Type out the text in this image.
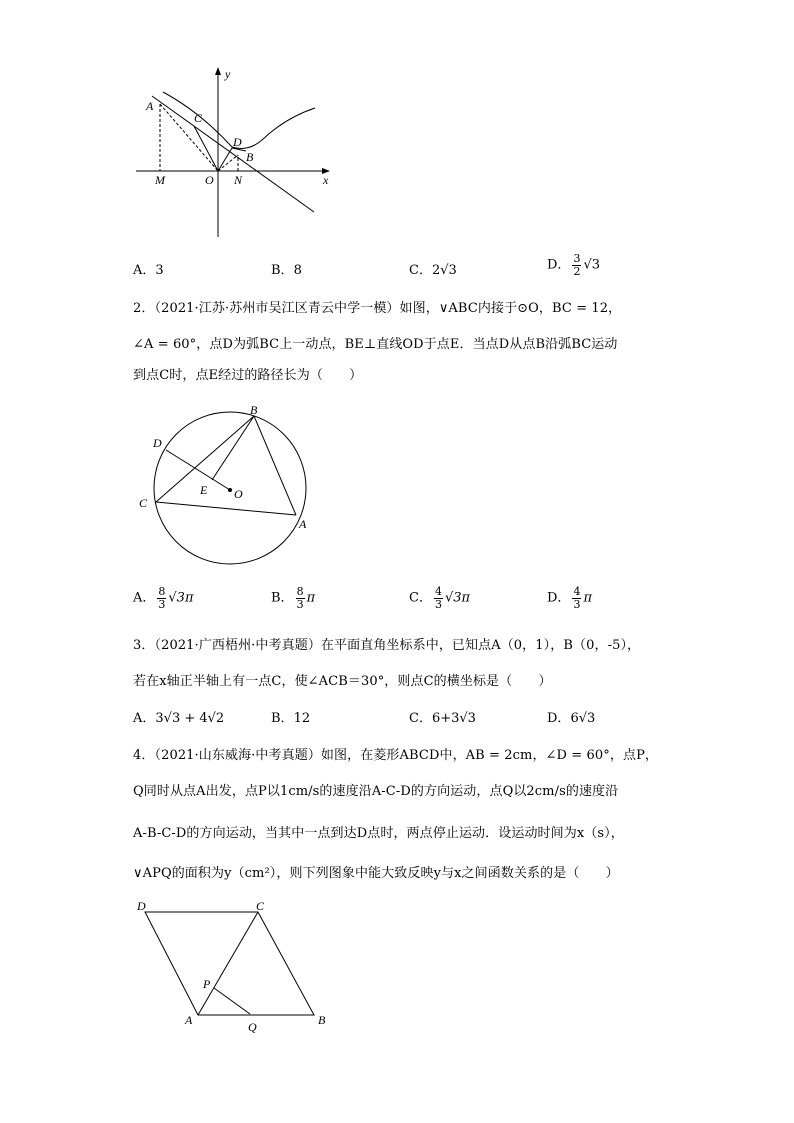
y
x
A
C
D
B
M	O N
A．3	B．8	C．2√3	D． $\frac{3}{2} √3$
2．（2021·江苏·苏州市吴江区青云中学一模）如图，∨ABC内接于⊙O，BC = 12，
∠A = 60°，点D为弧BC上一动点，BE⊥直线OD于点E．当点D从点B沿弧BC运动
到点C时，点E经过的路径长为（　　）
B
D
C
E O
A
A． $\frac{8}{3} √3\pi$	B． $\frac{8}{3}$ π	C． $\frac{4}{3} √3\pi$	D． $\frac{4}{3}$ π
3．（2021·广西梧州·中考真题）在平面直角坐标系中，已知点A（0，1），B（0，-5），
若在x轴正半轴上有一点C，使∠ACB＝30°，则点C的横坐标是（　　）
A．3√3 + 4√2	B．12	C．6+3√3	D．6√3
4．（2021·山东威海·中考真题）如图，在菱形ABCD中，AB = 2cm，∠D = 60°，点P，
Q同时从点A出发，点P以1cm/s的速度沿A-C-D的方向运动，点Q以2cm/s的速度沿
A-B-C-D的方向运动，当其中一点到达D点时，两点停止运动．设运动时间为x（s），
∨APQ的面积为y（cm²），则下列图象中能大致反映y与x之间函数关系的是（　　）
D	C
P
A	Q	B
